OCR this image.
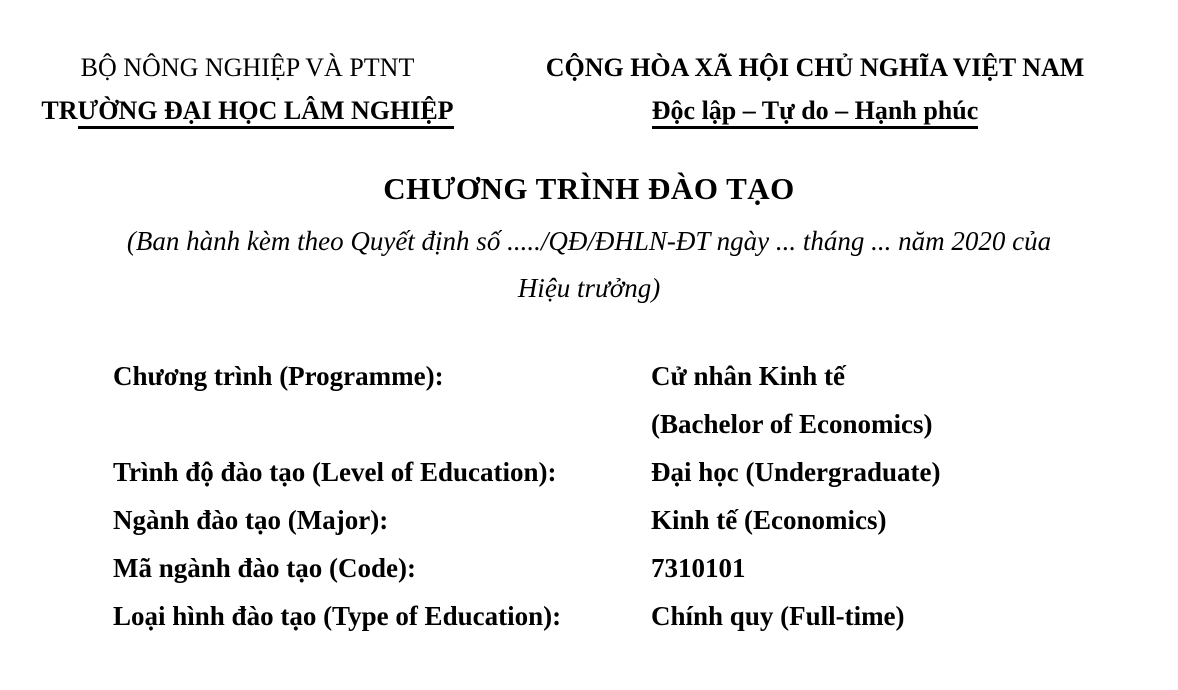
BỘ NÔNG NGHIỆP VÀ PTNT
TRƯỜNG ĐẠI HỌC LÂM NGHIỆP
CỘNG HÒA XÃ HỘI CHỦ NGHĨA VIỆT NAM
Độc lập – Tự do – Hạnh phúc
CHƯƠNG TRÌNH ĐÀO TẠO
(Ban hành kèm theo Quyết định số ...../QĐ/ĐHLN-ĐT ngày ... tháng ... năm 2020 của
Hiệu trưởng)
Chương trình (Programme):	Cử nhân Kinh tế
(Bachelor of Economics)
Trình độ đào tạo (Level of Education):	Đại học (Undergraduate)
Ngành đào tạo (Major):	Kinh tế (Economics)
Mã ngành đào tạo (Code):	7310101
Loại hình đào tạo (Type of Education):	Chính quy (Full-time)
